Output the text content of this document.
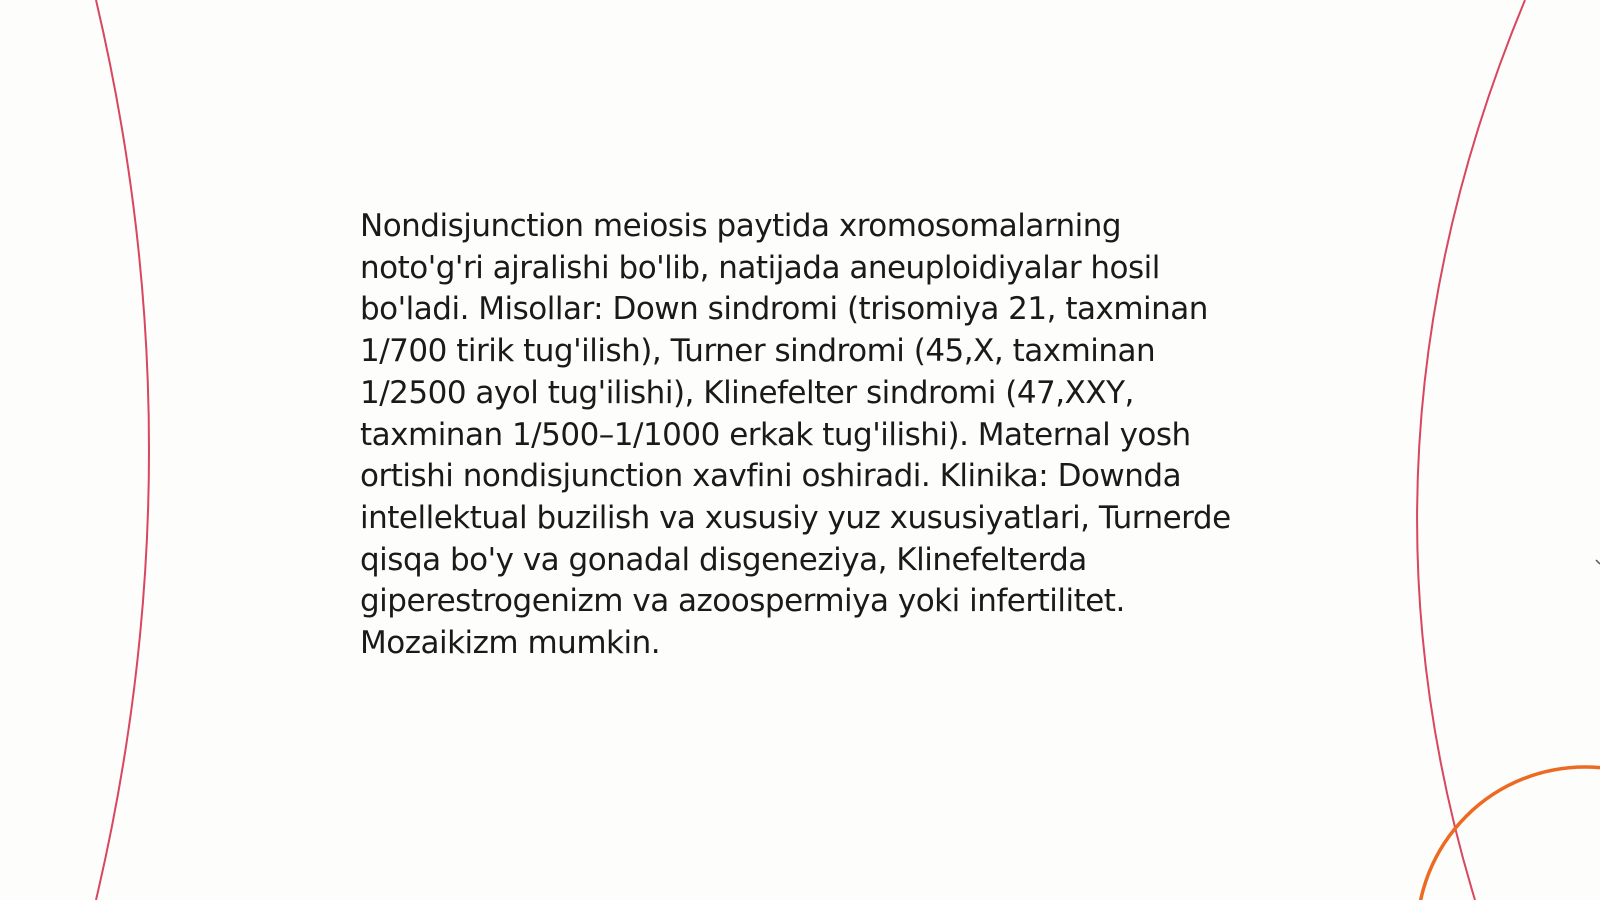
Nondisjunction meiosis paytida xromosomalarning noto'g'ri ajralishi bo'lib, natijada aneuploidiyalar hosil bo'ladi. Misollar: Down sindromi (trisomiya 21, taxminan 1/700 tirik tug'ilish), Turner sindromi (45,X, taxminan 1/2500 ayol tug'ilishi), Klinefelter sindromi (47,XXY, taxminan 1/500–1/1000 erkak tug'ilishi). Maternal yosh ortishi nondisjunction xavfini oshiradi. Klinika: Downda intellektual buzilish va xususiy yuz xususiyatlari, Turnerde qisqa bo'y va gonadal disgeneziya, Klinefelterda giperestrogenizm va azoospermiya yoki infertilitet. Mozaikizm mumkin.
